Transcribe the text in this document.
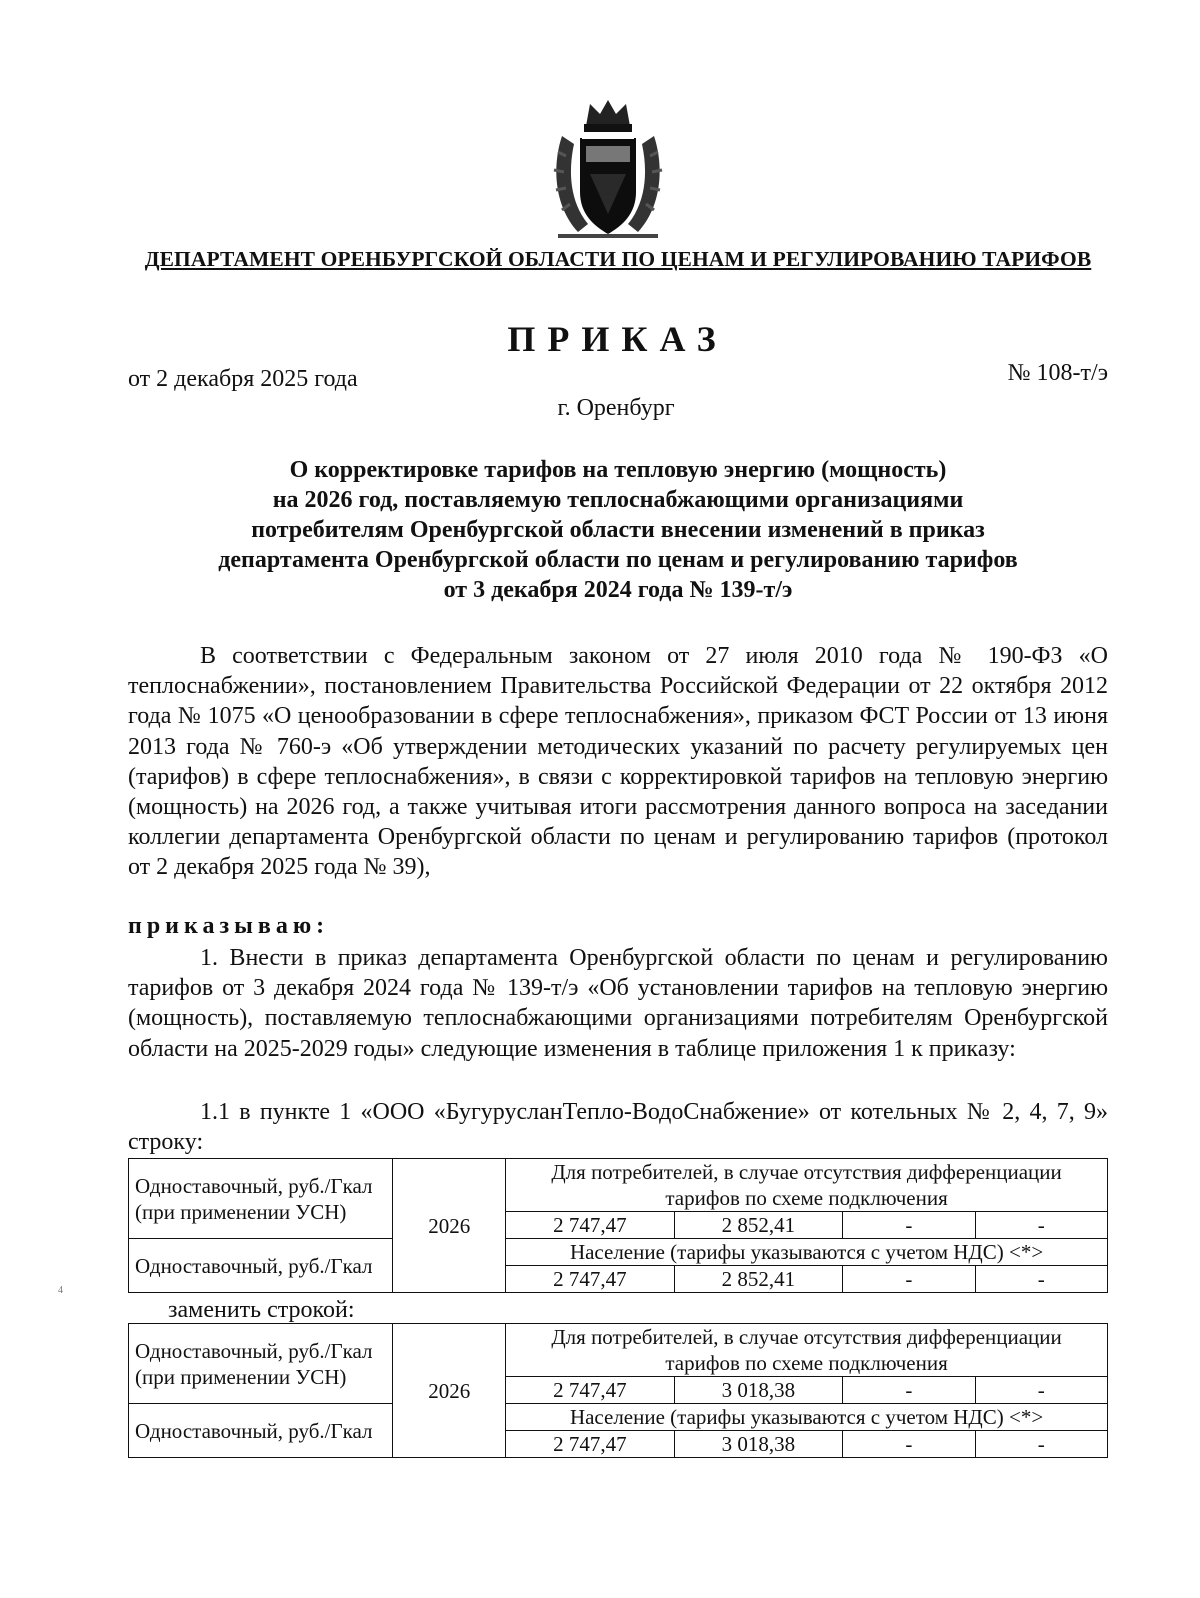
ДЕПАРТАМЕНТ ОРЕНБУРГСКОЙ ОБЛАСТИ ПО ЦЕНАМ И РЕГУЛИРОВАНИЮ ТАРИФОВ
ПРИКАЗ
от 2 декабря 2025 года	№ 108-т/э
г. Оренбург
О корректировке тарифов на тепловую энергию (мощность)
на 2026 год, поставляемую теплоснабжающими организациями
потребителям Оренбургской области внесении изменений в приказ
департамента Оренбургской области по ценам и регулированию тарифов
от 3 декабря 2024 года № 139-т/э
В соответствии с Федеральным законом от 27 июля 2010 года № 190-ФЗ «О теплоснабжении», постановлением Правительства Российской Федерации от 22 октября 2012 года № 1075 «О ценообразовании в сфере теплоснабжения», приказом ФСТ России от 13 июня 2013 года № 760-э «Об утверждении методических указаний по расчету регулируемых цен (тарифов) в сфере теплоснабжения», в связи с корректировкой тарифов на тепловую энергию (мощность) на 2026 год, а также учитывая итоги рассмотрения данного вопроса на заседании коллегии департамента Оренбургской области по ценам и регулированию тарифов (протокол от 2 декабря 2025 года № 39),
приказываю:
1. Внести в приказ департамента Оренбургской области по ценам и регулированию тарифов от 3 декабря 2024 года № 139-т/э «Об установлении тарифов на тепловую энергию (мощность), поставляемую теплоснабжающими организациями потребителям Оренбургской области на 2025-2029 годы» следующие изменения в таблице приложения 1 к приказу:
1.1 в пункте 1 «ООО «БугурусланТепло-ВодоСнабжение» от котельных № 2, 4, 7, 9» строку:
Одноставочный, руб./Гкал (при применении УСН)	2026	Для потребителей, в случае отсутствия дифференциации тарифов по схеме подключения			
		2 747,47	2 852,41	-	-
Одноставочный, руб./Гкал		Население (тарифы указываются с учетом НДС) <*>			
		2 747,47	2 852,41	-	-
4
заменить строкой:
Одноставочный, руб./Гкал (при применении УСН)	2026	Для потребителей, в случае отсутствия дифференциации тарифов по схеме подключения			
		2 747,47	3 018,38	-	-
Одноставочный, руб./Гкал		Население (тарифы указываются с учетом НДС) <*>			
		2 747,47	3 018,38	-	-
